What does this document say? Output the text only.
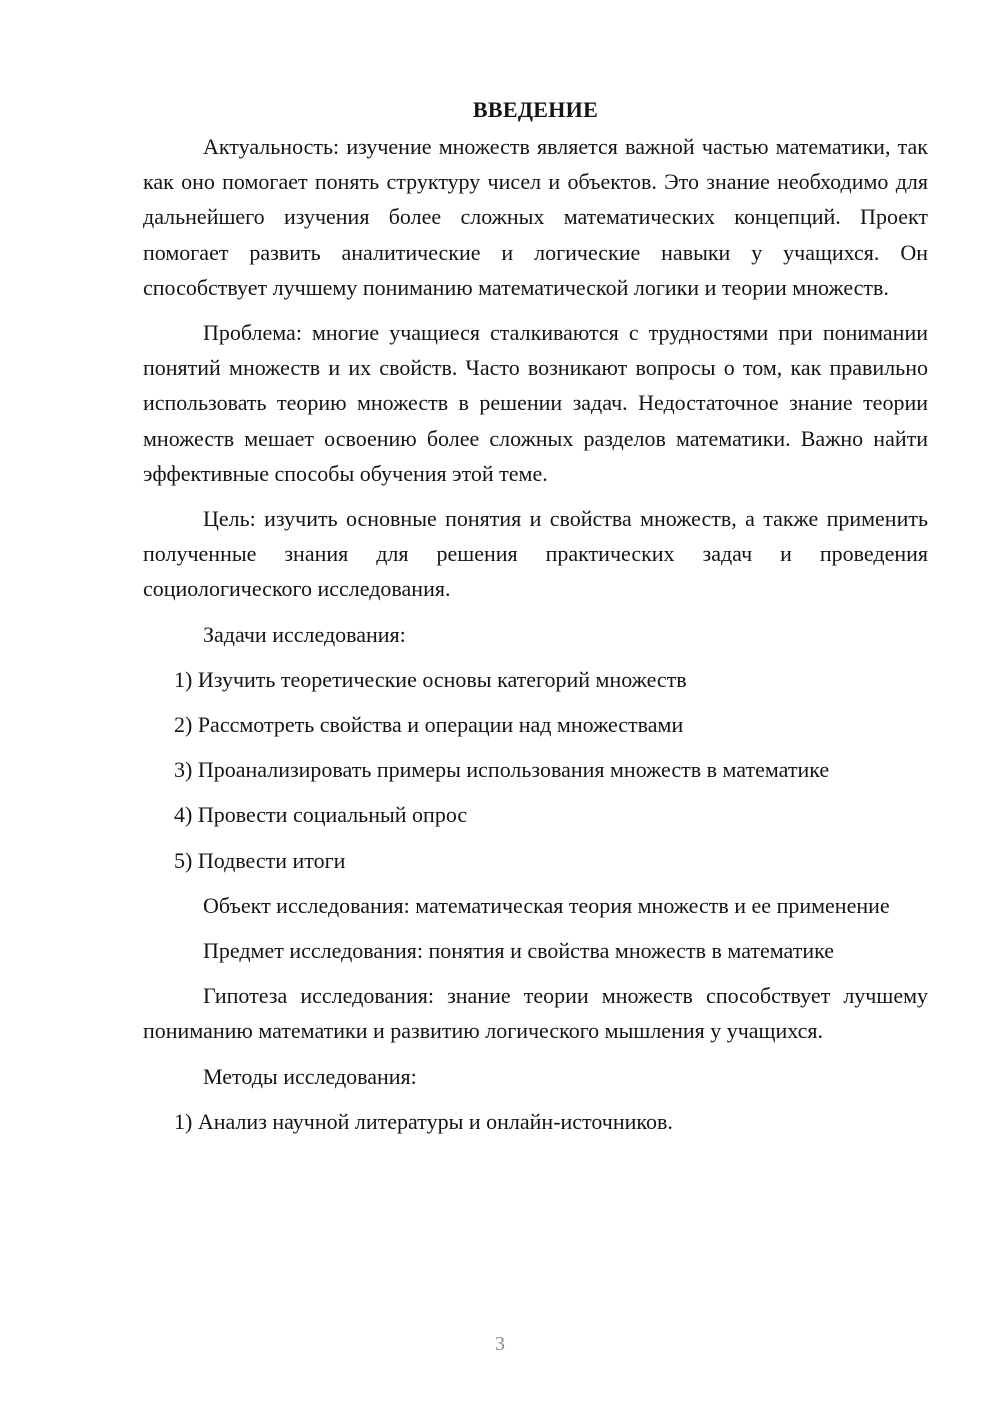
ВВЕДЕНИЕ

Актуальность: изучение множеств является важной частью математики, так как оно помогает понять структуру чисел и объектов. Это знание необходимо для дальнейшего изучения более сложных математических концепций. Проект помогает развить аналитические и логические навыки у учащихся. Он способствует лучшему пониманию математической логики и теории множеств.

Проблема: многие учащиеся сталкиваются с трудностями при понимании понятий множеств и их свойств. Часто возникают вопросы о том, как правильно использовать теорию множеств в решении задач. Недостаточное знание теории множеств мешает освоению более сложных разделов математики. Важно найти эффективные способы обучения этой теме.

Цель: изучить основные понятия и свойства множеств, а также применить полученные знания для решения практических задач и проведения социологического исследования.

Задачи исследования:

1) Изучить теоретические основы категорий множеств

2) Рассмотреть свойства и операции над множествами

3) Проанализировать примеры использования множеств в математике

4) Провести социальный опрос

5) Подвести итоги

Объект исследования: математическая теория множеств и ее применение

Предмет исследования: понятия и свойства множеств в математике

Гипотеза исследования: знание теории множеств способствует лучшему пониманию математики и развитию логического мышления у учащихся.

Методы исследования:

1) Анализ научной литературы и онлайн-источников.

3
